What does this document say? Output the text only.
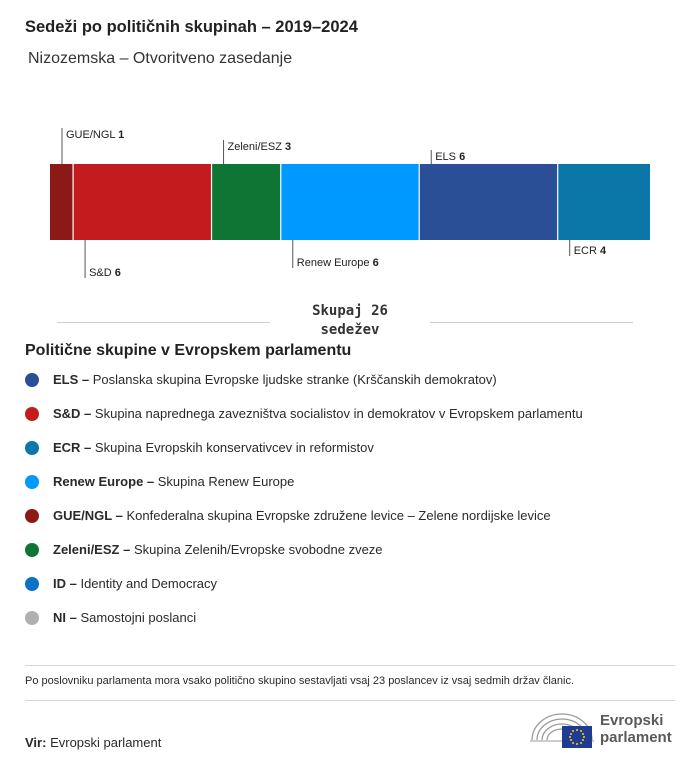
Sedeži po političnih skupinah – 2019–2024
Nizozemska – Otvoritveno zasedanje
GUE/NGL 1
S&D 6
Zeleni/ESZ 3
Renew Europe 6
ELS 6
ECR 4
Skupaj 26
sedežev
Politične skupine v Evropskem parlamentu
ELS – Poslanska skupina Evropske ljudske stranke (Krščanskih demokratov)
S&D – Skupina naprednega zavezništva socialistov in demokratov v Evropskem parlamentu
ECR – Skupina Evropskih konservativcev in reformistov
Renew Europe – Skupina Renew Europe
GUE/NGL – Konfederalna skupina Evropske združene levice – Zelene nordijske levice
Zeleni/ESZ – Skupina Zelenih/Evropske svobodne zveze
ID – Identity and Democracy
NI – Samostojni poslanci
Po poslovniku parlamenta mora vsako politično skupino sestavljati vsaj 23 poslancev iz vsaj sedmih držav članic.
Vir: Evropski parlament
Evropski
parlament
